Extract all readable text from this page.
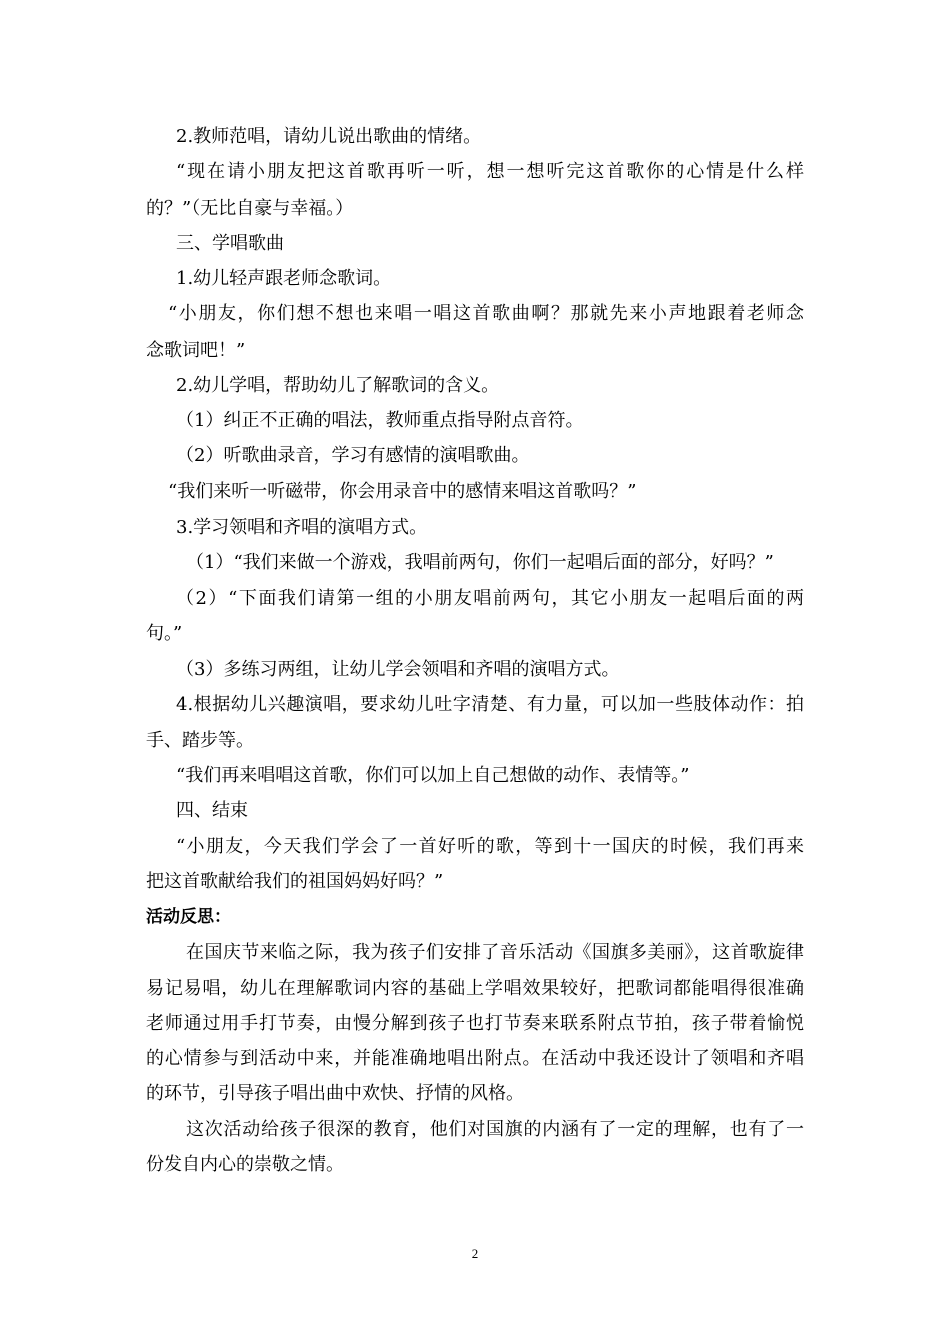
2.教师范唱，请幼儿说出歌曲的情绪。
“现在请小朋友把这首歌再听一听，想一想听完这首歌你的心情是什么样
的？”（无比自豪与幸福。）
三、学唱歌曲
1.幼儿轻声跟老师念歌词。
“小朋友，你们想不想也来唱一唱这首歌曲啊？那就先来小声地跟着老师念
念歌词吧！”
2.幼儿学唱，帮助幼儿了解歌词的含义。
（1）纠正不正确的唱法，教师重点指导附点音符。
（2）听歌曲录音，学习有感情的演唱歌曲。
“我们来听一听磁带，你会用录音中的感情来唱这首歌吗？”
3.学习领唱和齐唱的演唱方式。
（1）“我们来做一个游戏，我唱前两句，你们一起唱后面的部分，好吗？”
（2）“下面我们请第一组的小朋友唱前两句，其它小朋友一起唱后面的两
句。”
（3）多练习两组，让幼儿学会领唱和齐唱的演唱方式。
4.根据幼儿兴趣演唱，要求幼儿吐字清楚、有力量，可以加一些肢体动作：拍
手、踏步等。
“我们再来唱唱这首歌，你们可以加上自己想做的动作、表情等。”
四、结束
“小朋友，今天我们学会了一首好听的歌，等到十一国庆的时候，我们再来
把这首歌献给我们的祖国妈妈好吗？”
活动反思：
在国庆节来临之际，我为孩子们安排了音乐活动《国旗多美丽》，这首歌旋律
易记易唱，幼儿在理解歌词内容的基础上学唱效果较好，把歌词都能唱得很准确
老师通过用手打节奏，由慢分解到孩子也打节奏来联系附点节拍，孩子带着愉悦
的心情参与到活动中来，并能准确地唱出附点。在活动中我还设计了领唱和齐唱
的环节，引导孩子唱出曲中欢快、抒情的风格。
这次活动给孩子很深的教育，他们对国旗的内涵有了一定的理解，也有了一
份发自内心的崇敬之情。
2
